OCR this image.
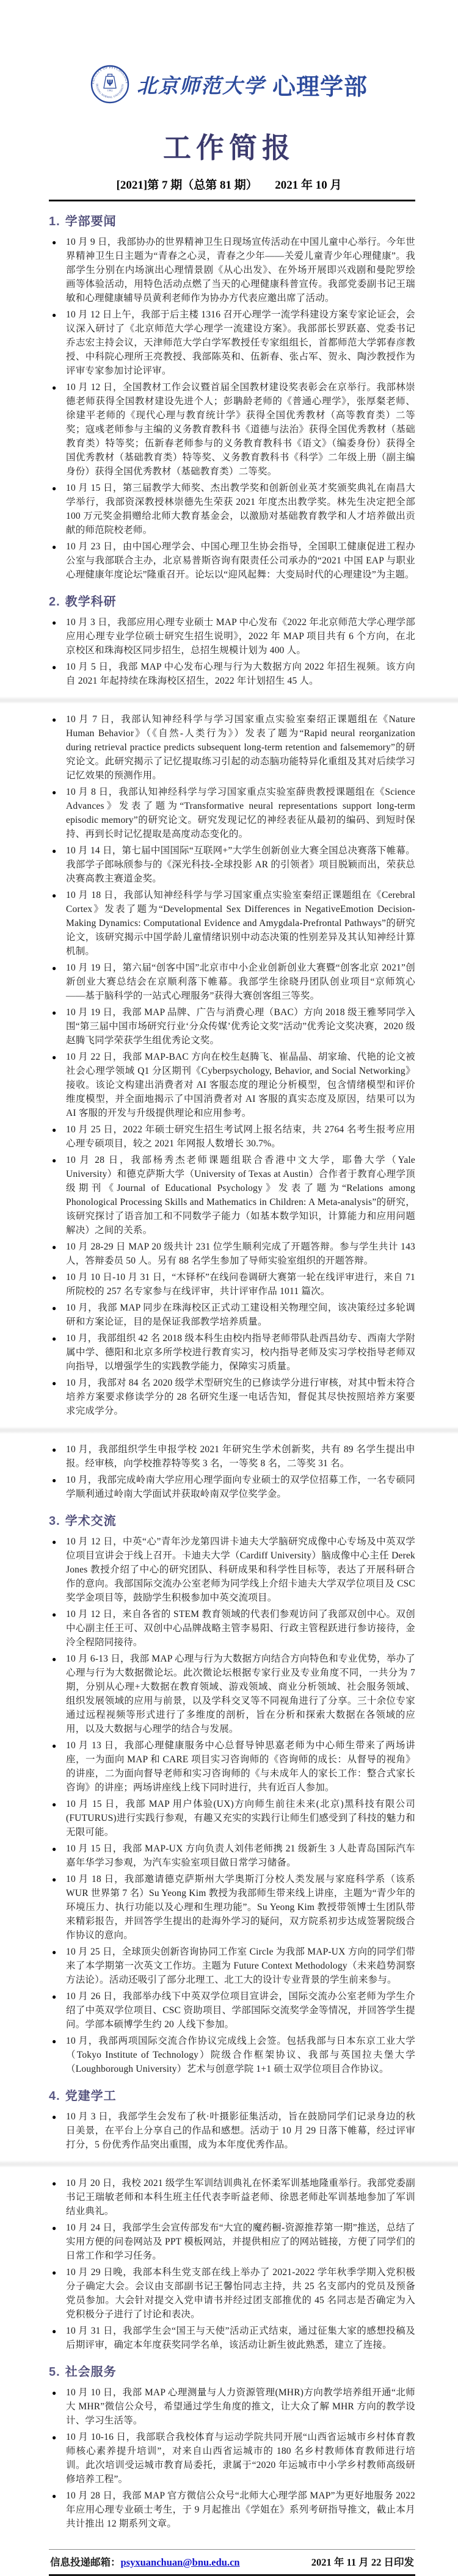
FACULTY OF PSYCHOLOGY
BEIJING NORMAL UNIVERSITY
Ψ
1902 北京师范大学 心理学部
工作简报
[2021]第 7 期（总第 81 期）　　2021 年 10 月
1. 学部要闻
● 10 月 9 日，我部协办的世界精神卫生日现场宣传活动在中国儿童中心举行。今年世界精神卫生日主题为“青春之心灵，青春之少年——关爱儿童青少年心理健康”。我部学生分别在内场演出心理情景剧《从心出发》、在外场开展即兴戏剧和曼陀罗绘画等体验活动，用特色活动点燃了当天的心理健康科普宣传。我部党委副书记王瑞敏和心理健康辅导员黄利老师作为协办方代表应邀出席了活动。
● 10 月 12 日上午，我部于后主楼 1316 召开心理学一流学科建设方案专家论证会，会议深入研讨了《北京师范大学心理学一流建设方案》。我部部长罗跃嘉、党委书记乔志宏主持会议，天津师范大学白学军教授任专家组组长，首都师范大学郭春彦教授、中科院心理所王亮教授、我部陈英和、伍新春、张占军、贺永、陶沙教授作为评审专家参加讨论评审。
● 10 月 12 日，全国教材工作会议暨首届全国教材建设奖表彰会在京举行。我部林崇德老师获得全国教材建设先进个人；彭聃龄老师的《普通心理学》，张厚粲老师、徐建平老师的《现代心理与教育统计学》获得全国优秀教材（高等教育类）二等奖；寇彧老师参与主编的义务教育教科书《道德与法治》获得全国优秀教材（基础教育类）特等奖；伍新春老师参与的义务教育教科书《语文》（编委身份）获得全国优秀教材（基础教育类）特等奖、义务教育教科书《科学》二年级上册（副主编身份）获得全国优秀教材（基础教育类）二等奖。
● 10 月 15 日，第三届教学大师奖、杰出教学奖和创新创业英才奖颁奖典礼在南昌大学举行，我部资深教授林崇德先生荣获 2021 年度杰出教学奖。林先生决定把全部 100 万元奖金捐赠给北师大教育基金会，以激励对基础教育教学和人才培养做出贡献的师范院校老师。
● 10 月 23 日，由中国心理学会、中国心理卫生协会指导，全国职工健康促进工程办公室与我部联合主办，北京易普斯咨询有限责任公司承办的“2021 中国 EAP 与职业心理健康年度论坛”隆重召开。论坛以“迎风起舞：大变局时代的心理建设”为主题。
2. 教学科研
● 10 月 3 日，我部应用心理专业硕士 MAP 中心发布《2022 年北京师范大学心理学部应用心理专业学位硕士研究生招生说明》，2022 年 MAP 项目共有 6 个方向，在北京校区和珠海校区同步招生，总招生规模计划为 400 人。
● 10 月 5 日，我部 MAP 中心发布心理与行为大数据方向 2022 年招生视频。该方向自 2021 年起持续在珠海校区招生，2022 年计划招生 45 人。
● 10 月 7 日，我部认知神经科学与学习国家重点实验室秦绍正课题组在《Nature Human Behavior》（《自然-人类行为》）发表了题为“Rapid neural reorganization during retrieval practice predicts subsequent long-term retention and falsememory”的研究论文。此研究揭示了记忆提取练习引起的动态脑功能特异化重组及其对后续学习记忆效果的预测作用。
● 10 月 8 日，我部认知神经科学与学习国家重点实验室薛贵教授课题组在《Science Advances》发表了题为“Transformative neural representations support long-term episodic memory”的研究论文。研究发现记忆的神经表征从最初的编码、到短时保持、再到长时记忆提取是高度动态变化的。
● 10 月 14 日，第七届中国国际“互联网+”大学生创新创业大赛全国总决赛落下帷幕。我部学子郎咏颀参与的《深光科技-全球投影 AR 的引领者》项目脱颖而出，荣获总决赛高教主赛道金奖。
● 10 月 18 日，我部认知神经科学与学习国家重点实验室秦绍正课题组在《Cerebral Cortex》发表了题为“Developmental Sex Differences in NegativeEmotion Decision-Making Dynamics: Computational Evidence and Amygdala-Prefrontal Pathways”的研究论文，该研究揭示中国学龄儿童情绪识别中动态决策的性别差异及其认知神经计算机制。
● 10 月 19 日，第六届“创客中国”北京市中小企业创新创业大赛暨“创客北京 2021”创新创业大赛总结会在京顺利落下帷幕。我部学生徐晓丹团队创业项目“京师筑心——基于脑科学的一站式心理服务”获得大赛创客组三等奖。
● 10 月 19 日，我部 MAP 品牌、广告与消费心理（BAC）方向 2018 级王雅琴同学入围“第三届中国市场研究行业‘分众传媒’优秀论文奖”活动”优秀论文奖决赛，2020 级赵腾飞同学荣获学生组优秀论文奖。
● 10 月 22 日，我部 MAP-BAC 方向在校生赵腾飞、崔晶晶、胡家瑜、代艳的论文被社会心理学领域 Q1 分区期刊《Cyberpsychology, Behavior, and Social Networking》接收。该论文构建出消费者对 AI 客服态度的理论分析模型，包含情绪模型和评价维度模型，并全面地揭示了中国消费者对 AI 客服的真实态度及原因，结果可以为 AI 客服的开发与升级提供理论和应用参考。
● 10 月 25 日，2022 年硕士研究生招生考试网上报名结束，共 2764 名考生报考应用心理专硕项目，较之 2021 年网报人数增长 30.7%。
● 10 月 28 日，我部杨秀杰老师课题组联合香港中文大学，耶鲁大学（Yale University）和德克萨斯大学（University of Texas at Austin）合作者于教育心理学顶级期刊《Journal of Educational Psychology》发表了题为“Relations among Phonological Processing Skills and Mathematics in Children: A Meta-analysis”的研究，该研究探讨了语音加工和不同数学子能力（如基本数学知识，计算能力和应用问题解决）之间的关系。
● 10 月 28-29 日 MAP 20 级共计 231 位学生顺利完成了开题答辩。参与学生共计 143 人，答辩委员 50 人。另有 88 名学生参加了导师实验室组织的开题答辩。
● 10 月 10 日-10 月 31 日，“木铎杯”在线问卷调研大赛第一轮在线评审进行，来自 71 所院校的 257 名专家参与在线评审，共计评审作品 1011 篇次。
● 10 月，我部 MAP 同步在珠海校区正式动工建设相关物理空间，该决策经过多轮调研和方案论证，目的是保证我部教学培养质量。
● 10 月，我部组织 42 名 2018 级本科生由校内指导老师带队赴西昌幼专、西南大学附属中学、德阳和北京多所学校进行教育实习，校内指导老师及实习学校指导老师双向指导，以增强学生的实践教学能力，保障实习质量。
● 10 月，我部对 84 名 2020 级学术型研究生的已修读学分进行审核，对其中暂未符合培养方案要求修读学分的 28 名研究生逐一电话告知，督促其尽快按照培养方案要求完成学分。
● 10 月，我部组织学生申报学校 2021 年研究生学术创新奖，共有 89 名学生提出申报。经审核，向学校推荐特等奖 3 名，一等奖 8 名，二等奖 31 名。
● 10 月，我部完成岭南大学应用心理学面向专业硕士的双学位招募工作，一名专硕同学顺利通过岭南大学面试并获取岭南双学位奖学金。
3. 学术交流
● 10 月 12 日，中英“心”青年沙龙第四讲卡迪夫大学脑研究成像中心专场及中英双学位项目宣讲会于线上召开。卡迪夫大学（Cardiff University）脑成像中心主任 Derek Jones 教授介绍了中心的研究团队、科研成果和科学性目标等，表达了开展科研合作的意向。我部国际交流办公室老师为同学线上介绍卡迪夫大学双学位项目及 CSC 奖学金项目等，鼓励学生积极参加中英交流项目。
● 10 月 12 日，来自各省的 STEM 教育领域的代表们参观访问了我部双创中心。双创中心副主任王可、双创中心品牌战略主管李易阳、行政主管程跃进行参访接待，金泠全程陪同接待。
● 10 月 6-13 日，我部 MAP 心理与行为大数据方向结合方向特色和专业优势，举办了心理与行为大数据微论坛。此次微论坛根据专家行业及专业角度不同，一共分为 7 期，分别从心理+大数据在教育领域、游戏领域、商业分析领域、社会服务领域、组织发展领域的应用与前景，以及学科交叉等不同视角进行了分享。三十余位专家通过远程视频等形式进行了多维度的剖析，旨在分析和探索大数据在各领域的应用，以及大数据与心理学的结合与发展。
● 10 月 13 日，我部心理健康服务中心总督导钟思嘉老师为中心师生带来了两场讲座，一为面向 MAP 和 CARE 项目实习咨询师的《咨询师的成长：从督导的视角》的讲座，二为面向督导老师和实习咨询师的《与未成年人的家长工作：整合式家长咨询》的讲座；两场讲座线上线下同时进行，共有近百人参加。
● 10 月 15 日，我部 MAP 用户体验(UX)方向师生前往未来(北京)黑科技有限公司(FUTURUS)进行实践行参观，有趣又充实的实践行让师生们感受到了科技的魅力和无限可能。
● 10 月 15 日，我部 MAP-UX 方向负责人刘伟老师携 21 级新生 3 人赴青岛国际汽车嘉年华学习参观，为汽车实验室项目做日常学习储备。
● 10 月 18 日，我部邀请德克萨斯州大学奥斯汀分校人类发展与家庭科学系（该系 WUR 世界第 7 名）Su Yeong Kim 教授为我部师生带来线上讲座，主题为“青少年的环境压力、执行功能以及心理和生理功能”。Su Yeong Kim 教授带领博士生团队带来精彩报告，并回答学生提出的赴海外学习的疑问，双方院系初步达成签署院级合作协议的意向。
● 10 月 25 日，全球顶尖创新咨询协同工作室 Circle 为我部 MAP-UX 方向的同学们带来了本学期第一次英文工作坊。主题为 Future Context Methodology（未来趋势洞察方法论）。活动还吸引了部分北理工、北工大的设计专业背景的学生前来参与。
● 10 月 26 日，我部举办线下中英双学位项目宣讲会，国际交流办公室老师为学生介绍了中英双学位项目、CSC 资助项目、学部国际交流奖学金等情况，并回答学生提问。学部本硕博学生约 20 人线下参加。
● 10 月，我部两项国际交流合作协议完成线上会签。包括我部与日本东京工业大学（Tokyo Institute of Technology）院级合作框架协议、我部与英国拉夫堡大学（Loughborough University）艺术与创意学院 1+1 硕士双学位项目合作协议。
4. 党建学工
● 10 月 3 日，我部学生会发布了秋·叶摄影征集活动，旨在鼓励同学们记录身边的秋日美景，在平台上分享自己的作品和感想。活动于 10 月 29 日落下帷幕，经过评审打分，5 份优秀作品突出重围，成为本年度优秀作品。
● 10 月 20 日，我校 2021 级学生军训结训典礼在怀柔军训基地隆重举行。我部党委副书记王瑞敏老师和本科生班主任代表李昕益老师、徐恩老师赴军训基地参加了军训结业典礼。
● 10 月 24 日，我部学生会宣传部发布“大宜的魔药橱-资源推荐第一期”推送，总结了实用方便的问卷网站及 PPT 模板网站，并提供相应了的网站链接，方便了同学们的日常工作和学习任务。
● 10 月 29 日晚，我部本科生党支部在线上举办了 2021-2022 学年秋季学期入党积极分子确定大会。会议由支部副书记王馨怡同志主持，共 25 名支部内的党员及预备党员参加。大会针对提交入党申请书并经过团支部推优的 45 名同志是否确定为入党积极分子进行了讨论和表决。
● 10 月 31 日，我部学生会“国王与天使”活动正式结束，通过征集大家的感想投稿及后期评审，确定本年度获奖同学名单，该活动让新生彼此熟悉，建立了连接。
5. 社会服务
● 10 月 10 日，我部 MAP 心理测量与人力资源管理(MHR)方向教学培养组开通“北师大 MHR”微信公众号，希望通过学生角度的推文，让大众了解 MHR 方向的教学设计、学习生活等。
● 10 月 10-16 日，我部联合我校体育与运动学院共同开展“山西省运城市乡村体育教师核心素养提升培训”，对来自山西省运城市的 180 名乡村教师体育教师进行培训。此次培训受运城市教育局委托，隶属于“2020 年运城市中小学乡村教师高级研修培养工程”。
● 10 月 28 日，我部 MAP 官方微信公众号“北师大心理学部 MAP”为更好地服务 2022 年应用心理专业硕士考生，于 9 月起推出《学姐在》系列考研指导推文，截止本月共计推出 12 期系列文章。
信息投递邮箱：psyxuanchuan@bnu.edu.cn	2021 年 11 月 22 日印发
